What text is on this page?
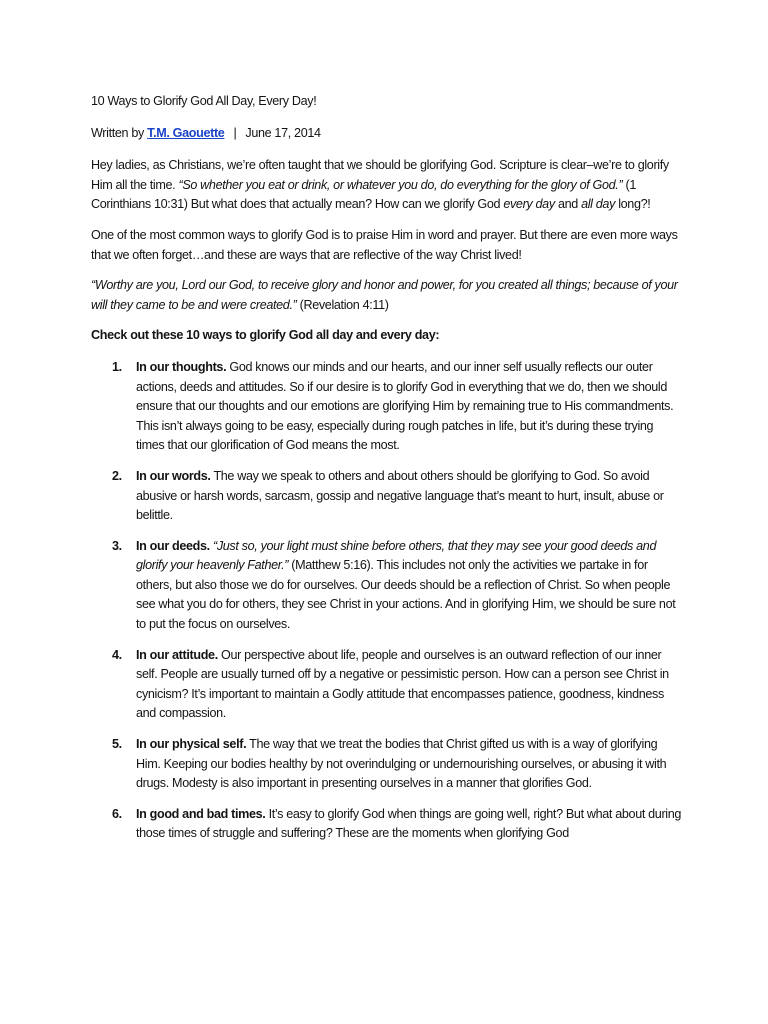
10 Ways to Glorify God All Day, Every Day!

Written by T.M. Gaouette | June 17, 2014

Hey ladies, as Christians, we’re often taught that we should be glorifying God. Scripture is clear–we’re to glorify Him all the time. “So whether you eat or drink, or whatever you do, do everything for the glory of God.” (1 Corinthians 10:31) But what does that actually mean? How can we glorify God every day and all day long?!

One of the most common ways to glorify God is to praise Him in word and prayer. But there are even more ways that we often forget…and these are ways that are reflective of the way Christ lived!

“Worthy are you, Lord our God, to receive glory and honor and power, for you created all things; because of your will they came to be and were created.” (Revelation 4:11)

Check out these 10 ways to glorify God all day and every day:

1. In our thoughts. God knows our minds and our hearts, and our inner self usually reflects our outer actions, deeds and attitudes. So if our desire is to glorify God in everything that we do, then we should ensure that our thoughts and our emotions are glorifying Him by remaining true to His commandments. This isn’t always going to be easy, especially during rough patches in life, but it’s during these trying times that our glorification of God means the most.
2. In our words. The way we speak to others and about others should be glorifying to God. So avoid abusive or harsh words, sarcasm, gossip and negative language that’s meant to hurt, insult, abuse or belittle.
3. In our deeds. “Just so, your light must shine before others, that they may see your good deeds and glorify your heavenly Father.” (Matthew 5:16). This includes not only the activities we partake in for others, but also those we do for ourselves. Our deeds should be a reflection of Christ. So when people see what you do for others, they see Christ in your actions. And in glorifying Him, we should be sure not to put the focus on ourselves.
4. In our attitude. Our perspective about life, people and ourselves is an outward reflection of our inner self. People are usually turned off by a negative or pessimistic person. How can a person see Christ in cynicism? It’s important to maintain a Godly attitude that encompasses patience, goodness, kindness and compassion.
5. In our physical self. The way that we treat the bodies that Christ gifted us with is a way of glorifying Him. Keeping our bodies healthy by not overindulging or undernourishing ourselves, or abusing it with drugs. Modesty is also important in presenting ourselves in a manner that glorifies God.
6. In good and bad times. It’s easy to glorify God when things are going well, right? But what about during those times of struggle and suffering? These are the moments when glorifying God
